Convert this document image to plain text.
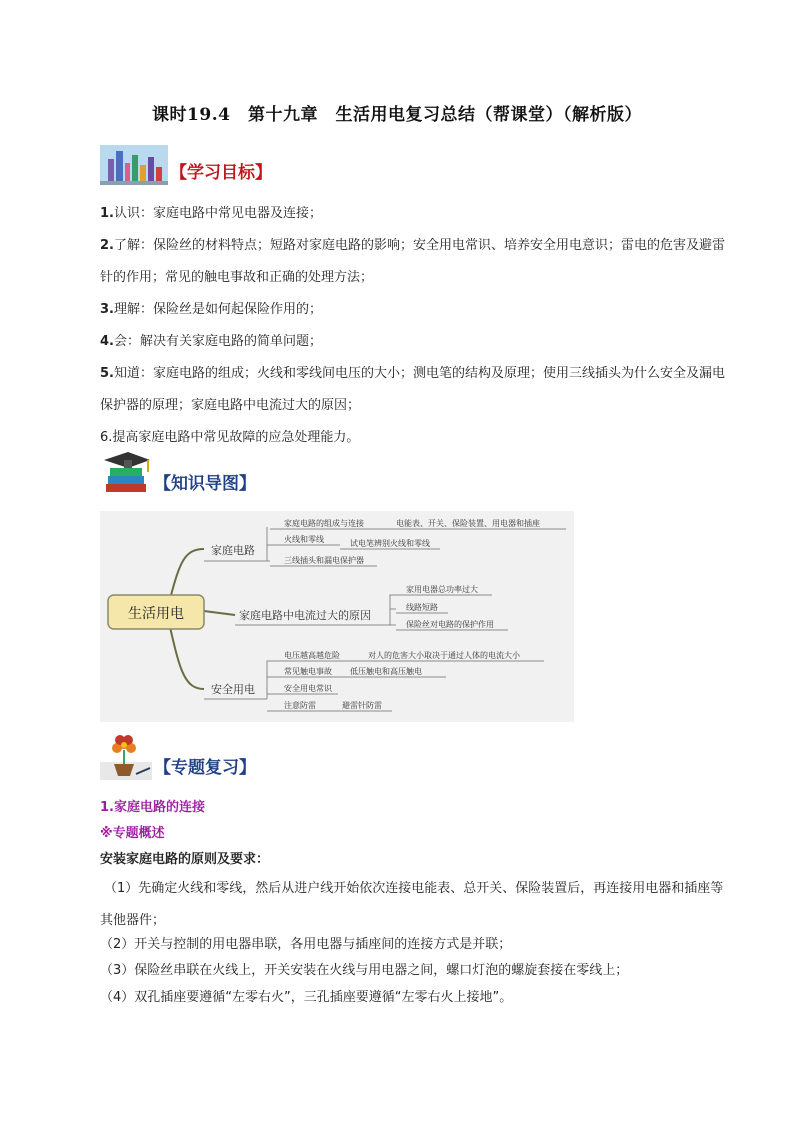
课时19.4　第十九章　生活用电复习总结（帮课堂）（解析版）
【学习目标】
1.认识：家庭电路中常见电器及连接；
2.了解：保险丝的材料特点；短路对家庭电路的影响；安全用电常识、培养安全用电意识；雷电的危害及避雷针的作用；常见的触电事故和正确的处理方法；
3.理解：保险丝是如何起保险作用的；
4.会：解决有关家庭电路的简单问题；
5.知道：家庭电路的组成；火线和零线间电压的大小；测电笔的结构及原理；使用三线插头为什么安全及漏电保护器的原理；家庭电路中电流过大的原因；
6.提高家庭电路中常见故障的应急处理能力。
【知识导图】
生活用电
家庭电路
家庭电路的组成与连接
火线和零线
三线插头和漏电保护器
电能表、开关、保险装置、用电器和插座
试电笔辨别火线和零线
家庭电路中电流过大的原因
家用电器总功率过大
线路短路
保险丝对电路的保护作用
安全用电
电压越高越危险
常见触电事故
安全用电常识
注意防雷
对人的危害大小取决于通过人体的电流大小
低压触电和高压触电
避雷针防雷
【专题复习】
1.家庭电路的连接
※专题概述
安装家庭电路的原则及要求：
（1）先确定火线和零线，然后从进户线开始依次连接电能表、总开关、保险装置后，再连接用电器和插座等其他器件；
（2）开关与控制的用电器串联，各用电器与插座间的连接方式是并联；
（3）保险丝串联在火线上，开关安装在火线与用电器之间，螺口灯泡的螺旋套接在零线上；
（4）双孔插座要遵循“左零右火”，三孔插座要遵循“左零右火上接地”。
